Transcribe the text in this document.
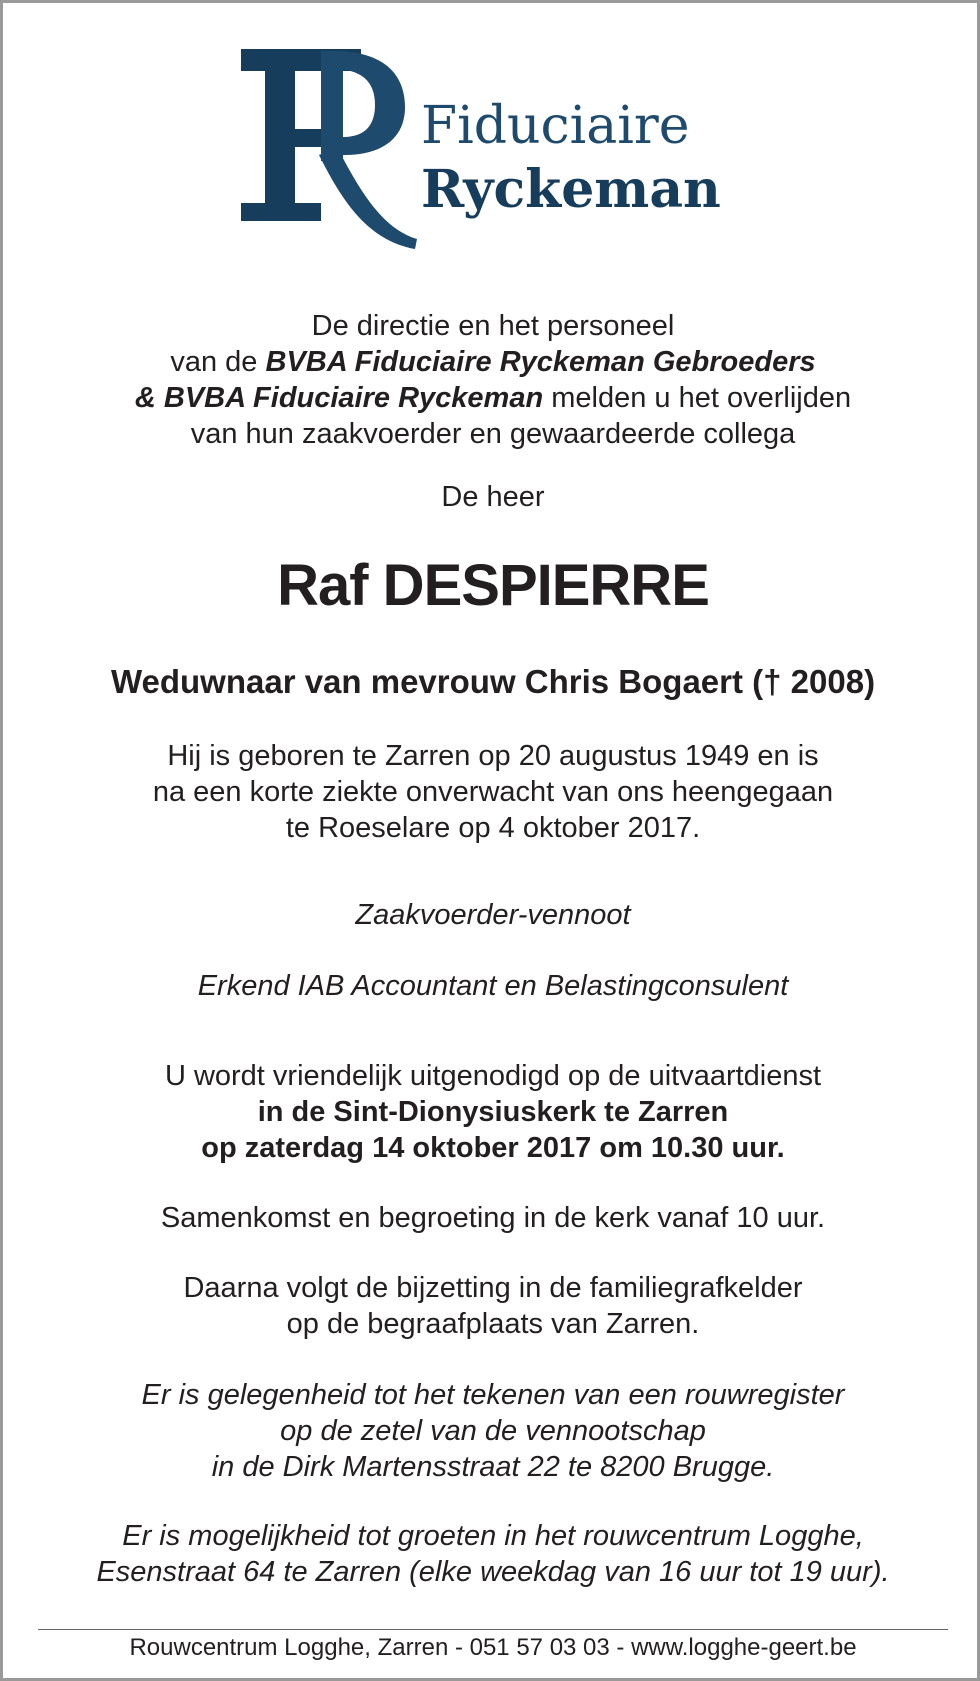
Fiduciaire
Ryckeman

De directie en het personeel

van de BVBA Fiduciaire Ryckeman Gebroeders

& BVBA Fiduciaire Ryckeman melden u het overlijden

van hun zaakvoerder en gewaardeerde collega

De heer
Raf DESPIERRE
Weduwnaar van mevrouw Chris Bogaert († 2008)

Hij is geboren te Zarren op 20 augustus 1949 en is

na een korte ziekte onverwacht van ons heengegaan

te Roeselare op 4 oktober 2017.

Zaakvoerder-vennoot
Erkend IAB Accountant en Belastingconsulent

U wordt vriendelijk uitgenodigd op de uitvaartdienst

in de Sint-Dionysiuskerk te Zarren

op zaterdag 14 oktober 2017 om 10.30 uur.

Samenkomst en begroeting in de kerk vanaf 10 uur.

Daarna volgt de bijzetting in de familiegrafkelder

op de begraafplaats van Zarren.

Er is gelegenheid tot het tekenen van een rouwregister

op de zetel van de vennootschap

in de Dirk Martensstraat 22 te 8200 Brugge.

Er is mogelijkheid tot groeten in het rouwcentrum Logghe,

Esenstraat 64 te Zarren (elke weekdag van 16 uur tot 19 uur).

Rouwcentrum Logghe, Zarren - 051 57 03 03 - www.logghe-geert.be
